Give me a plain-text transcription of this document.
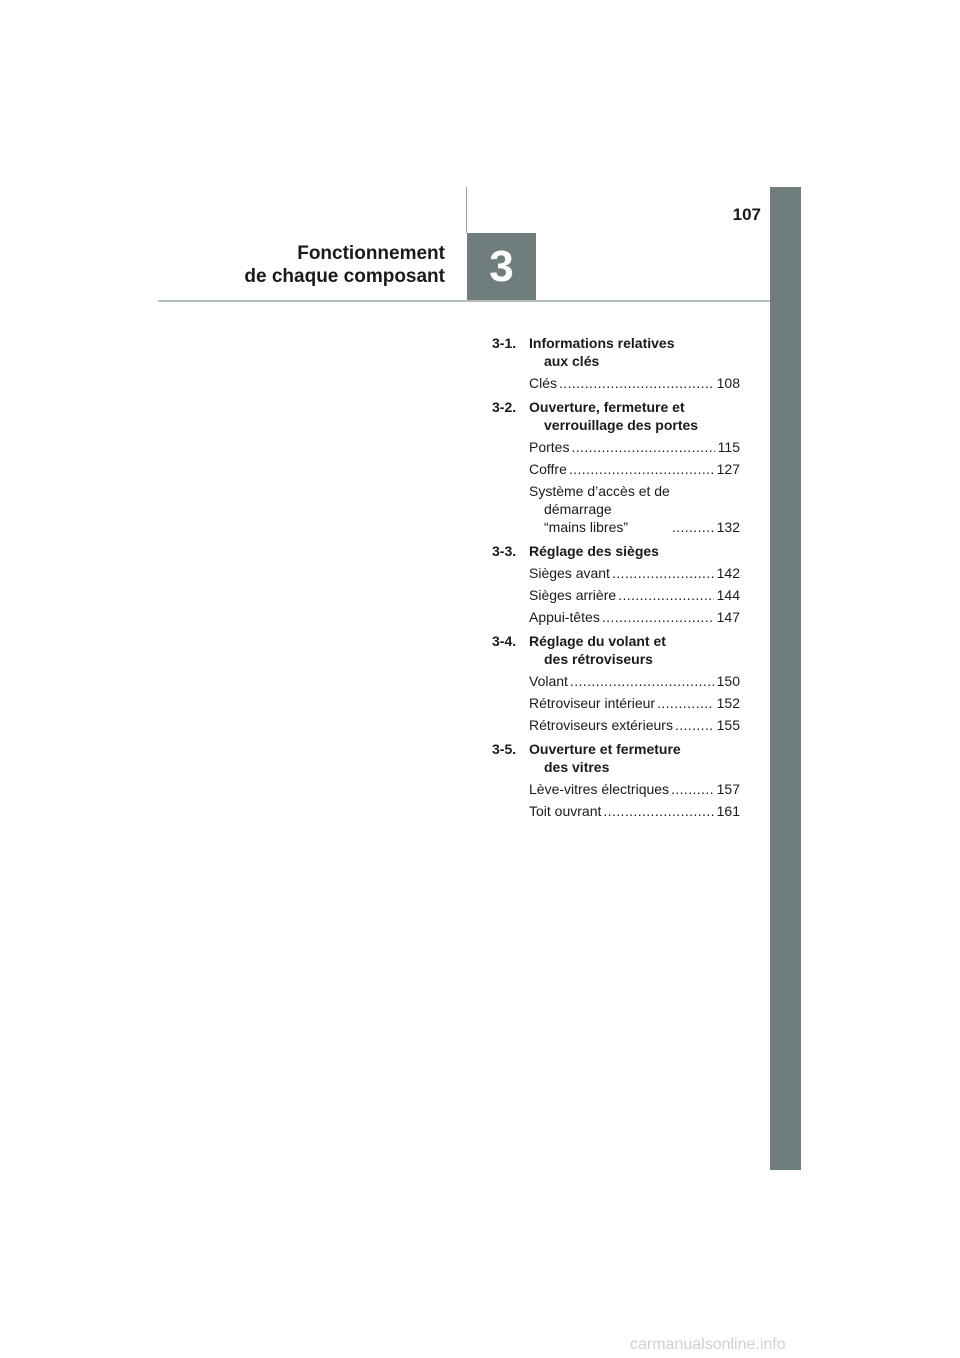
107
Fonctionnement
de chaque composant	3
3-1. Informations relatives
aux clés
Clés .....	108
3-2. Ouverture, fermeture et
verrouillage des portes
Portes .....	115
Coffre .....	127
Système d’accès et de
démarrage
“mains libres” .....	132
3-3. Réglage des sièges
Sièges avant .....	142
Sièges arrière .....	144
Appui-têtes .....	147
3-4. Réglage du volant et
des rétroviseurs
Volant .....	150
Rétroviseur intérieur .....	152
Rétroviseurs extérieurs .....	155
3-5. Ouverture et fermeture
des vitres
Lève-vitres électriques .....	157
Toit ouvrant .....	161
carmanualsonline.info
